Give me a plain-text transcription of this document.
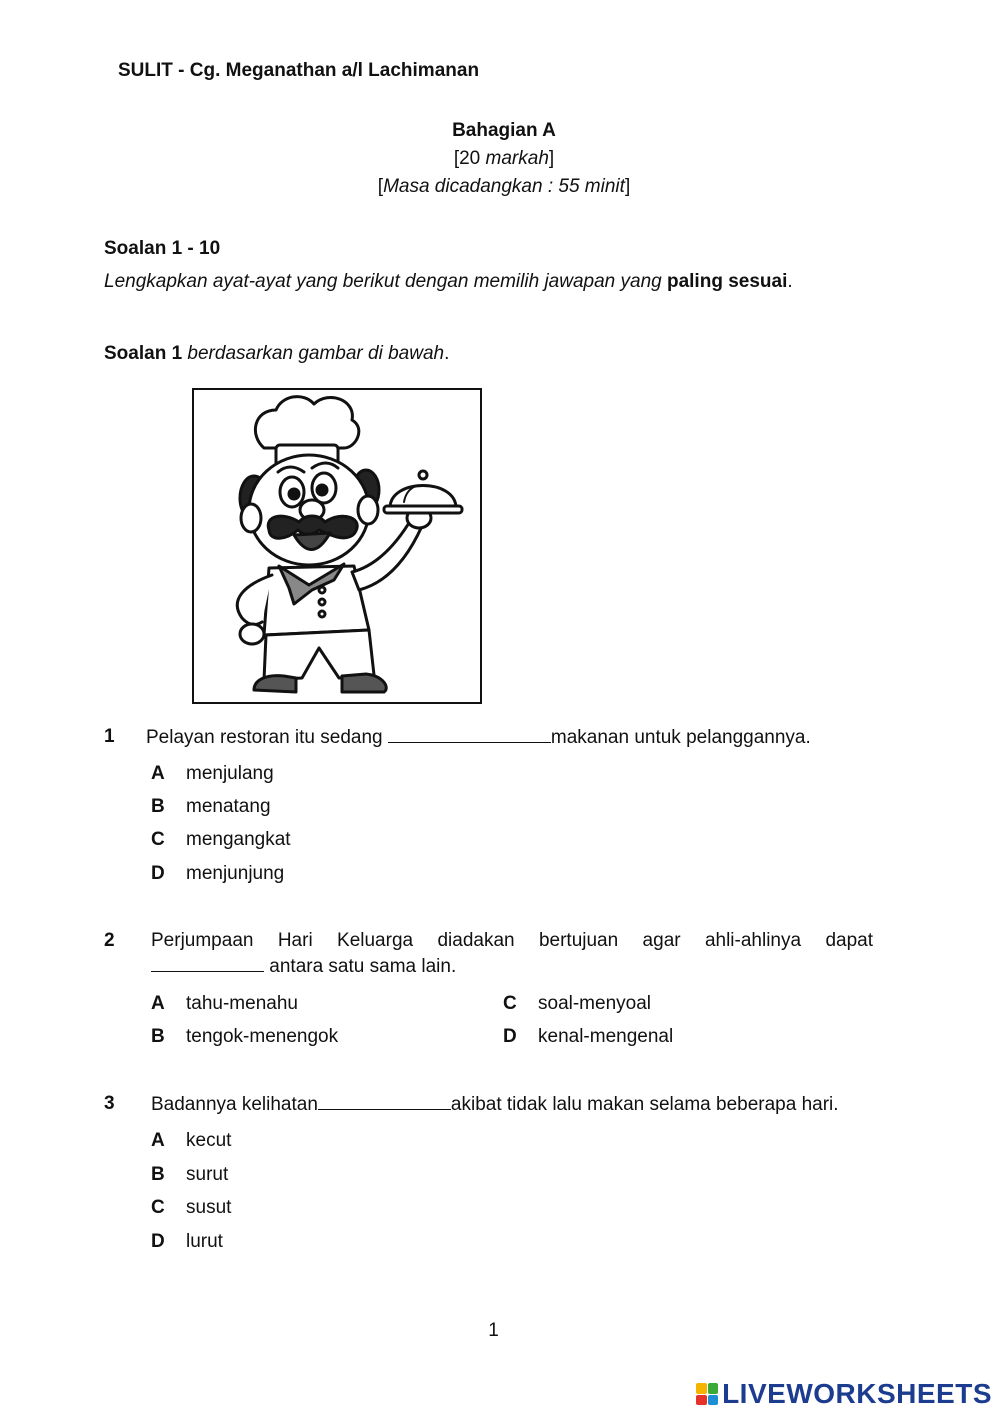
SULIT - Cg. Meganathan a/l Lachimanan
Bahagian A
[20 markah]
[Masa dicadangkan : 55 minit]
Soalan 1 - 10
Lengkapkan ayat-ayat yang berikut dengan memilih jawapan yang paling sesuai.
Soalan 1 berdasarkan gambar di bawah.
1 Pelayan restoran itu sedang	makanan untuk pelanggannya.
A menjulang
B menatang
C mengangkat
D menjunjung
2 Perjumpaan Hari Keluarga diadakan bertujuan agar ahli-ahlinya dapat
antara satu sama lain.
A tahu-menahu
B tengok-menengok
C soal-menyoal
D kenal-mengenal
3 Badannya kelihatan	akibat tidak lalu makan selama beberapa hari.
A kecut
B surut
C susut
D lurut
1
LIVEWORKSHEETS
